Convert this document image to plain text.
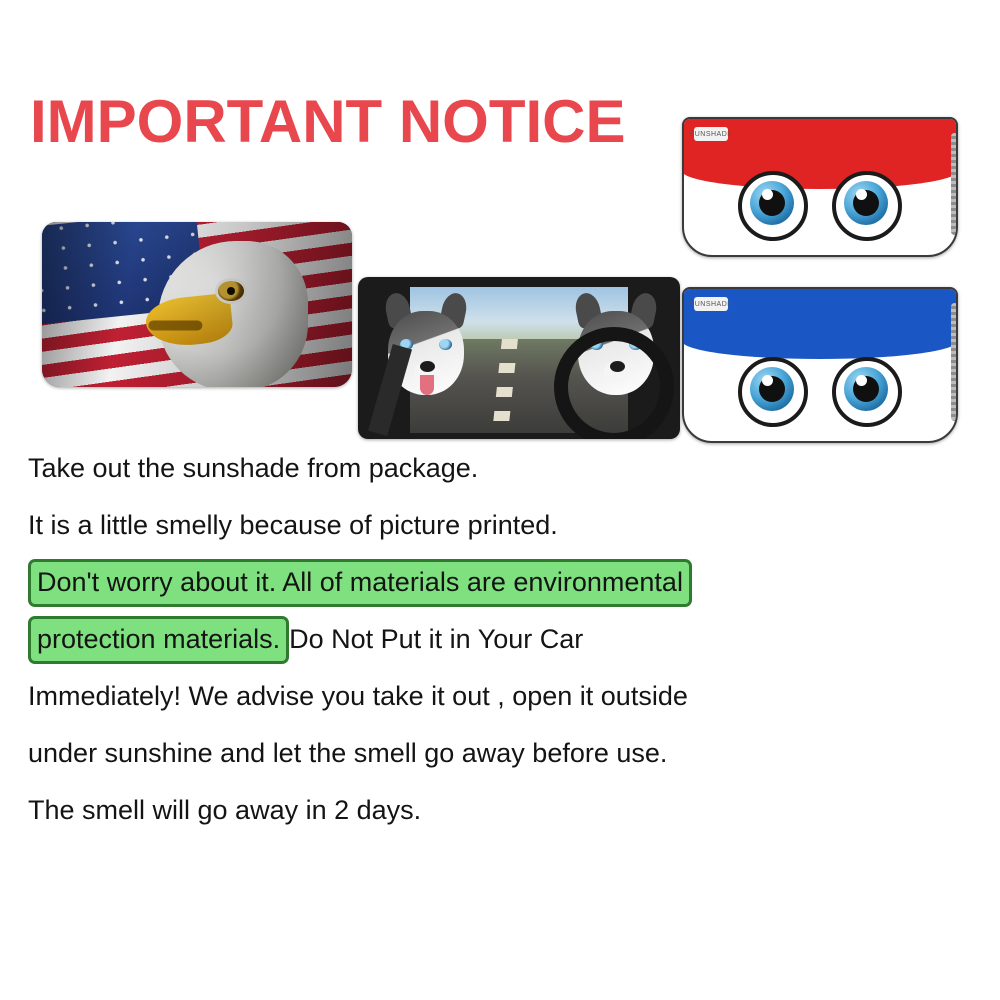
IMPORTANT NOTICE	SUNSHADE
SUNSHADE
Take out the sunshade from package.
It is a little smelly because of picture printed.
Don't worry about it. All of materials are environmental
protection materials. Do Not Put it in Your Car
Immediately! We advise you take it out , open it outside
under sunshine and let the smell go away before use.
The smell will go away in 2 days.
